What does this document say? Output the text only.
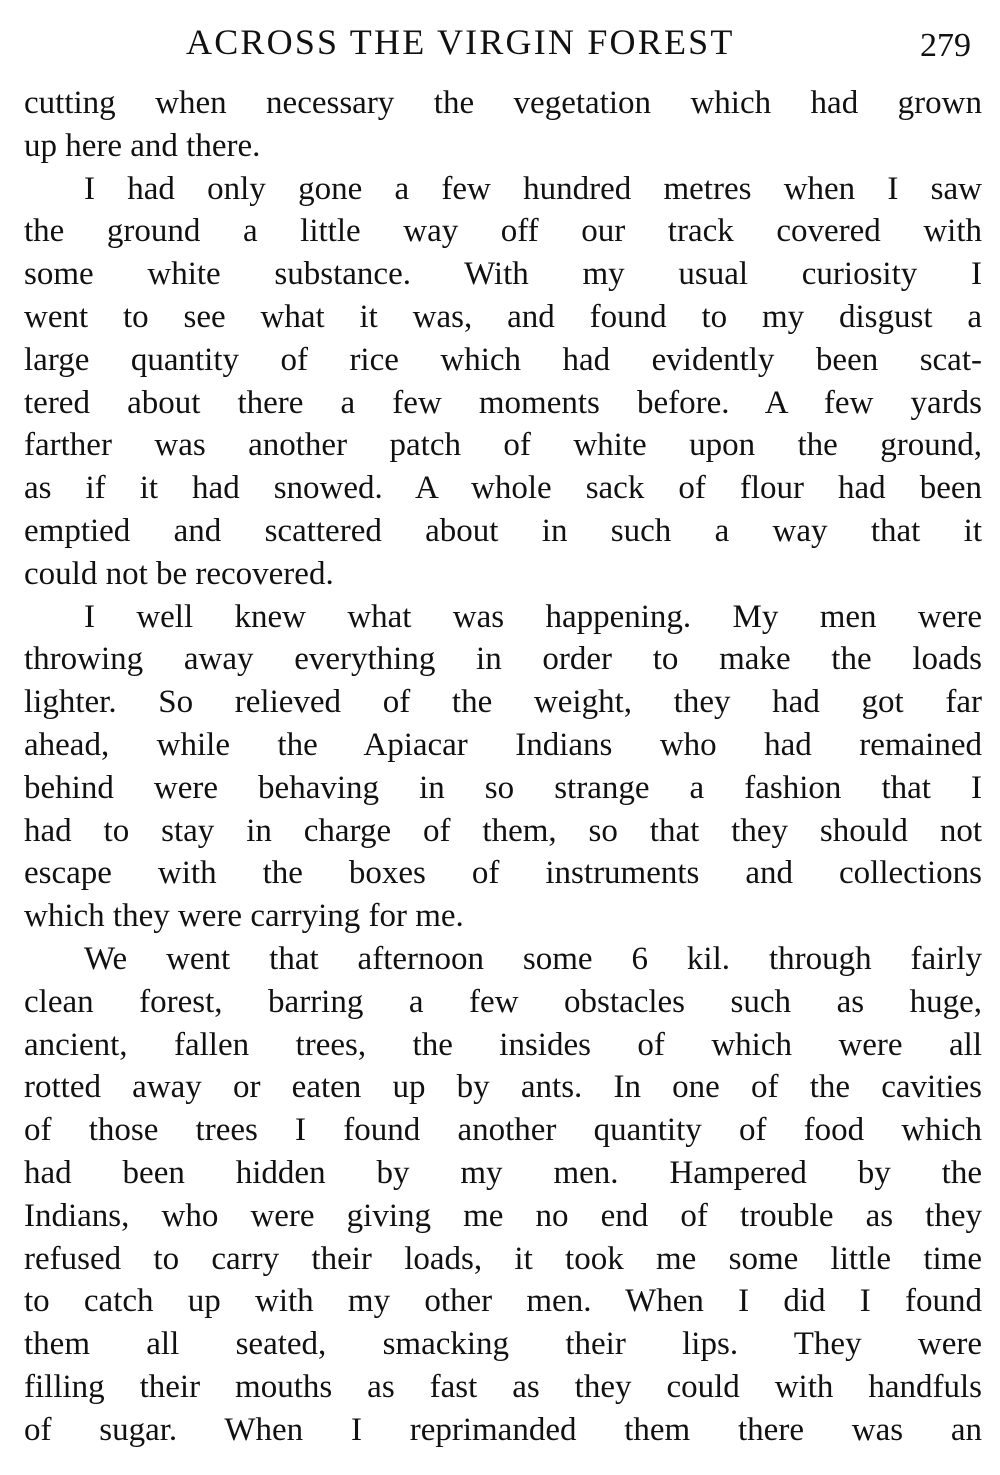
ACROSS THE VIRGIN FOREST	279
cutting when necessary the vegetation which had grown
up here and there.
I had only gone a few hundred metres when I saw
the ground a little way off our track covered with
some white substance. With my usual curiosity I
went to see what it was, and found to my disgust a
large quantity of rice which had evidently been scat-
tered about there a few moments before. A few yards
farther was another patch of white upon the ground,
as if it had snowed. A whole sack of flour had been
emptied and scattered about in such a way that it
could not be recovered.
I well knew what was happening. My men were
throwing away everything in order to make the loads
lighter. So relieved of the weight, they had got far
ahead, while the Apiacar Indians who had remained
behind were behaving in so strange a fashion that I
had to stay in charge of them, so that they should not
escape with the boxes of instruments and collections
which they were carrying for me.
We went that afternoon some 6 kil. through fairly
clean forest, barring a few obstacles such as huge,
ancient, fallen trees, the insides of which were all
rotted away or eaten up by ants. In one of the cavities
of those trees I found another quantity of food which
had been hidden by my men. Hampered by the
Indians, who were giving me no end of trouble as they
refused to carry their loads, it took me some little time
to catch up with my other men. When I did I found
them all seated, smacking their lips. They were
filling their mouths as fast as they could with handfuls
of sugar. When I reprimanded them there was an
